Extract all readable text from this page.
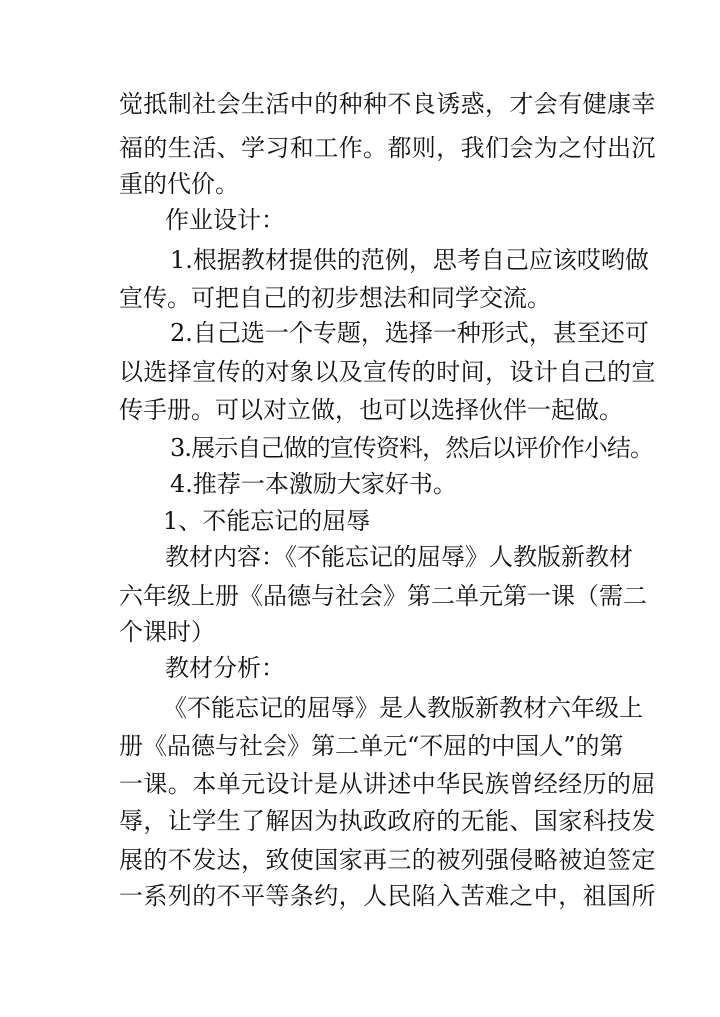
觉抵制社会生活中的种种不良诱惑，才会有健康幸
福的生活、学习和工作。都则，我们会为之付出沉
重的代价。
作业设计：
1.根据教材提供的范例，思考自己应该哎哟做
宣传。可把自己的初步想法和同学交流。
2.自己选一个专题，选择一种形式，甚至还可
以选择宣传的对象以及宣传的时间，设计自己的宣
传手册。可以对立做，也可以选择伙伴一起做。
3.展示自己做的宣传资料，然后以评价作小结。
4.推荐一本激励大家好书。
1、不能忘记的屈辱
教材内容：《不能忘记的屈辱》人教版新教材
六年级上册《品德与社会》第二单元第一课（需二
个课时）
教材分析：
《不能忘记的屈辱》是人教版新教材六年级上
册《品德与社会》第二单元“不屈的中国人”的第
一课。本单元设计是从讲述中华民族曾经经历的屈
辱，让学生了解因为执政政府的无能、国家科技发
展的不发达，致使国家再三的被列强侵略被迫签定
一系列的不平等条约，人民陷入苦难之中，祖国所
